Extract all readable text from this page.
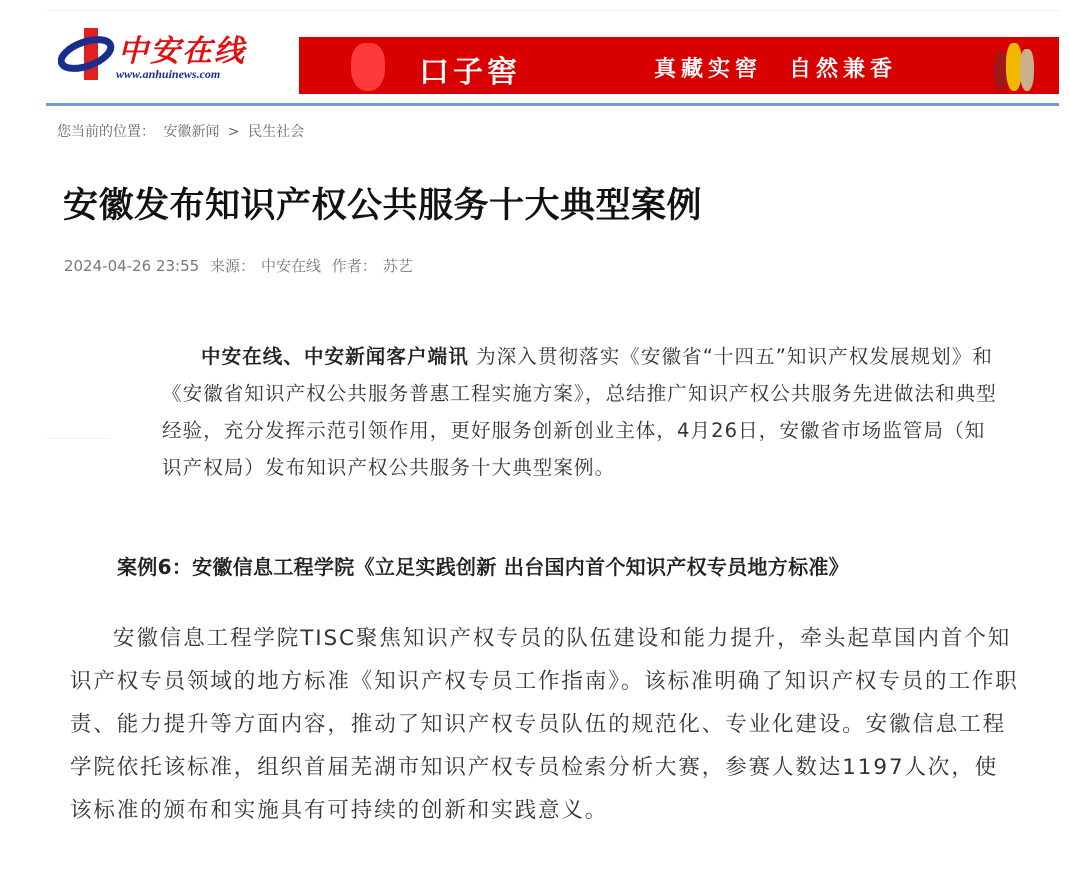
中安在线
www.anhuinews.com	口子窖	真藏实窖　自然兼香
您当前的位置： 安徽新闻 > 民生社会
安徽发布知识产权公共服务十大典型案例
2024-04-26 23:55 来源： 中安在线 作者： 苏艺

中安在线、中安新闻客户端讯 为深入贯彻落实《安徽省“十四五”知识产权发展规划》和《安徽省知识产权公共服务普惠工程实施方案》，总结推广知识产权公共服务先进做法和典型经验，充分发挥示范引领作用，更好服务创新创业主体，4月26日，安徽省市场监管局（知识产权局）发布知识产权公共服务十大典型案例。

案例6：安徽信息工程学院《立足实践创新 出台国内首个知识产权专员地方标准》

安徽信息工程学院TISC聚焦知识产权专员的队伍建设和能力提升，牵头起草国内首个知识产权专员领域的地方标准《知识产权专员工作指南》。该标准明确了知识产权专员的工作职责、能力提升等方面内容，推动了知识产权专员队伍的规范化、专业化建设。安徽信息工程学院依托该标准，组织首届芜湖市知识产权专员检索分析大赛，参赛人数达1197人次，使该标准的颁布和实施具有可持续的创新和实践意义。
